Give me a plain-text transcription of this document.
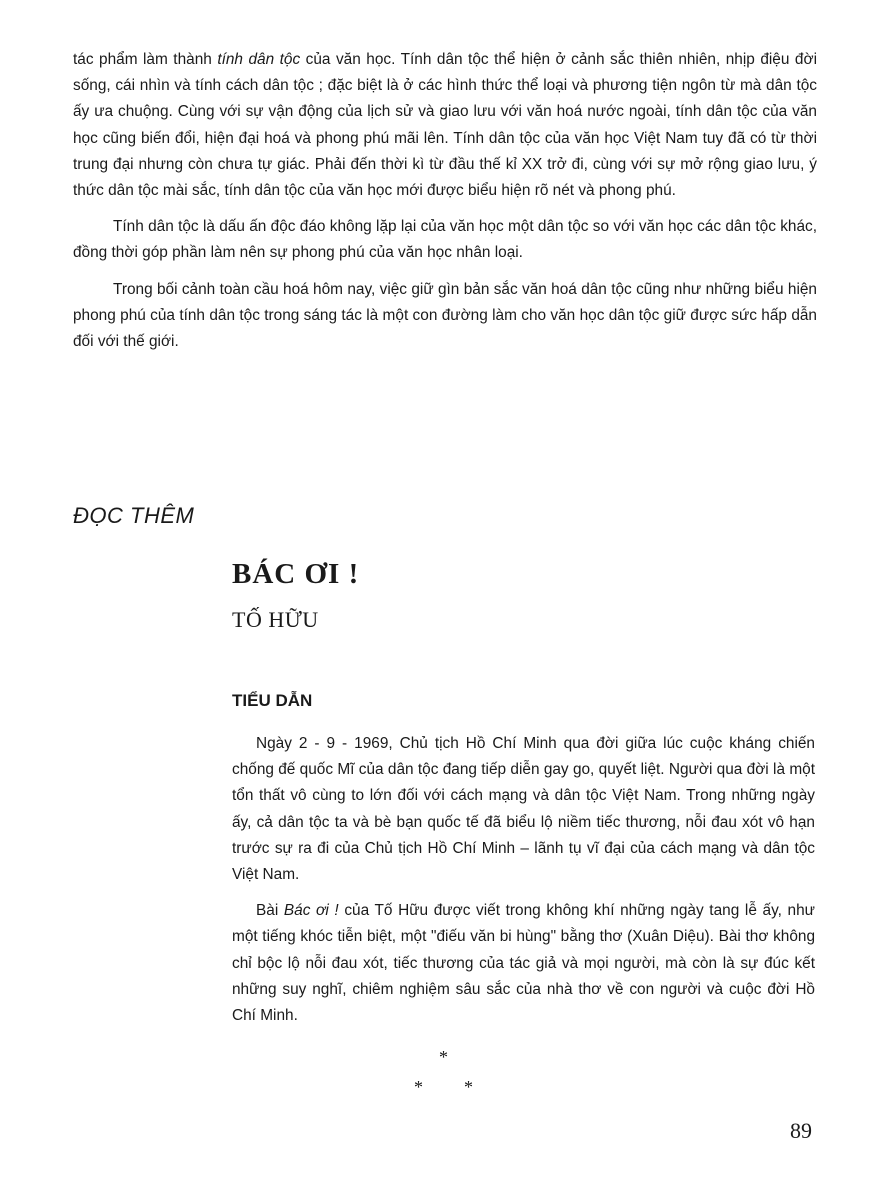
tác phẩm làm thành tính dân tộc của văn học. Tính dân tộc thể hiện ở cảnh sắc thiên nhiên, nhịp điệu đời sống, cái nhìn và tính cách dân tộc ; đặc biệt là ở các hình thức thể loại và phương tiện ngôn từ mà dân tộc ấy ưa chuộng. Cùng với sự vận động của lịch sử và giao lưu với văn hoá nước ngoài, tính dân tộc của văn học cũng biến đổi, hiện đại hoá và phong phú mãi lên. Tính dân tộc của văn học Việt Nam tuy đã có từ thời trung đại nhưng còn chưa tự giác. Phải đến thời kì từ đầu thế kỉ XX trở đi, cùng với sự mở rộng giao lưu, ý thức dân tộc mài sắc, tính dân tộc của văn học mới được biểu hiện rõ nét và phong phú.

Tính dân tộc là dấu ấn độc đáo không lặp lại của văn học một dân tộc so với văn học các dân tộc khác, đồng thời góp phần làm nên sự phong phú của văn học nhân loại.

Trong bối cảnh toàn cầu hoá hôm nay, việc giữ gìn bản sắc văn hoá dân tộc cũng như những biểu hiện phong phú của tính dân tộc trong sáng tác là một con đường làm cho văn học dân tộc giữ được sức hấp dẫn đối với thế giới.

ĐỌC THÊM
BÁC ƠI !
TỐ HỮU
TIỂU DẪN

Ngày 2 - 9 - 1969, Chủ tịch Hồ Chí Minh qua đời giữa lúc cuộc kháng chiến chống đế quốc Mĩ của dân tộc đang tiếp diễn gay go, quyết liệt. Người qua đời là một tổn thất vô cùng to lớn đối với cách mạng và dân tộc Việt Nam. Trong những ngày ấy, cả dân tộc ta và bè bạn quốc tế đã biểu lộ niềm tiếc thương, nỗi đau xót vô hạn trước sự ra đi của Chủ tịch Hồ Chí Minh – lãnh tụ vĩ đại của cách mạng và dân tộc Việt Nam.

Bài Bác ơi ! của Tố Hữu được viết trong không khí những ngày tang lễ ấy, như một tiếng khóc tiễn biệt, một "điếu văn bi hùng" bằng thơ (Xuân Diệu). Bài thơ không chỉ bộc lộ nỗi đau xót, tiếc thương của tác giả và mọi người, mà còn là sự đúc kết những suy nghĩ, chiêm nghiệm sâu sắc của nhà thơ về con người và cuộc đời Hồ Chí Minh.

*
* *
89
